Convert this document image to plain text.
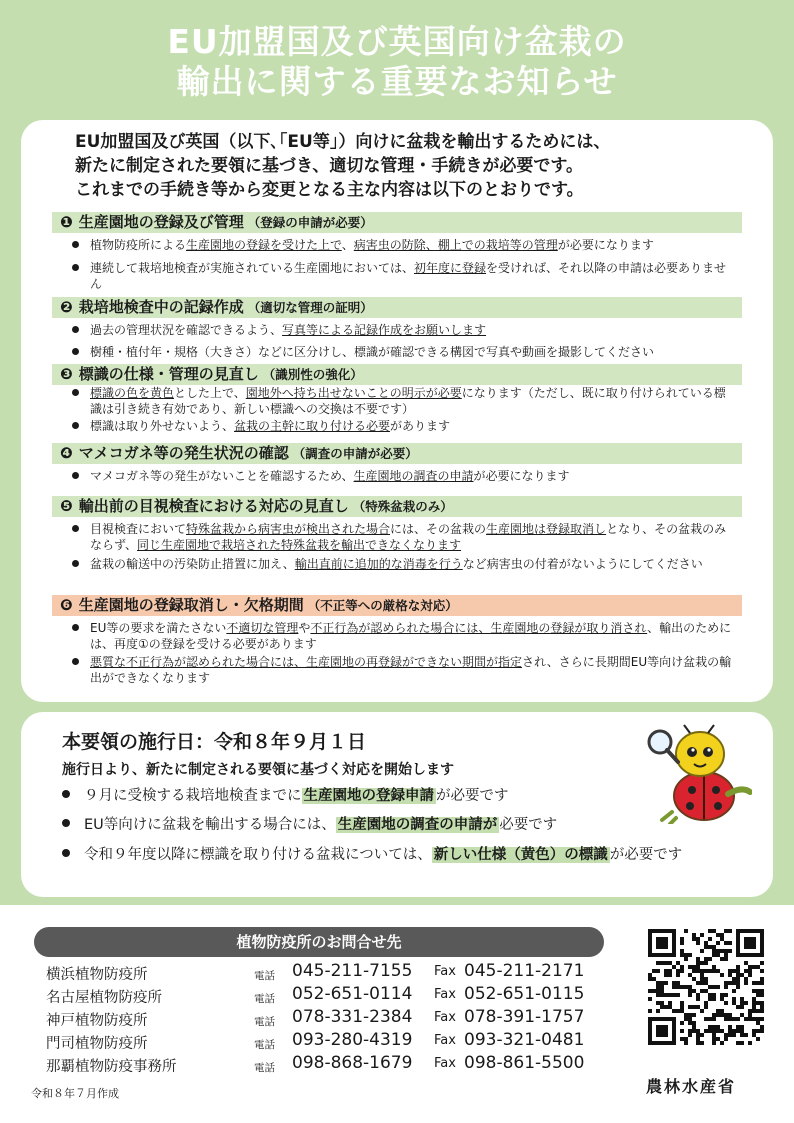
EU加盟国及び英国向け盆栽の
輸出に関する重要なお知らせ
EU加盟国及び英国（以下､｢EU等｣）向けに盆栽を輸出するためには、
新たに制定された要領に基づき、適切な管理・手続きが必要です。
これまでの手続き等から変更となる主な内容は以下のとおりです。
❶ 生産園地の登録及び管理 （登録の申請が必要）
植物防疫所による生産園地の登録を受けた上で、病害虫の防除、棚上での栽培等の管理が必要になります
連続して栽培地検査が実施されている生産園地においては、初年度に登録を受ければ、それ以降の申請は必要ありません
❷ 栽培地検査中の記録作成 （適切な管理の証明）
過去の管理状況を確認できるよう、写真等による記録作成をお願いします
樹種・植付年・規格（大きさ）などに区分けし、標識が確認できる構図で写真や動画を撮影してください
❸ 標識の仕様・管理の見直し （識別性の強化）
標識の色を黄色とした上で、園地外へ持ち出せないことの明示が必要になります（ただし、既に取り付けられている標識は引き続き有効であり、新しい標識への交換は不要です）
標識は取り外せないよう、盆栽の主幹に取り付ける必要があります
❹ マメコガネ等の発生状況の確認 （調査の申請が必要）
マメコガネ等の発生がないことを確認するため、生産園地の調査の申請が必要になります
❺ 輸出前の目視検査における対応の見直し （特殊盆栽のみ）
目視検査において特殊盆栽から病害虫が検出された場合には、その盆栽の生産園地は登録取消しとなり、その盆栽のみならず、同じ生産園地で栽培された特殊盆栽を輸出できなくなります
盆栽の輸送中の汚染防止措置に加え、輸出直前に追加的な消毒を行うなど病害虫の付着がないようにしてください
❻ 生産園地の登録取消し・欠格期間 （不正等への厳格な対応）
EU等の要求を満たさない不適切な管理や不正行為が認められた場合には、生産園地の登録が取り消され、輸出のためには、再度①の登録を受ける必要があります
悪質な不正行為が認められた場合には、生産園地の再登録ができない期間が指定され、さらに長期間EU等向け盆栽の輸出ができなくなります
本要領の施行日：令和８年９月１日
施行日より、新たに制定される要領に基づく対応を開始します
９月に受検する栽培地検査までに 生産園地の登録申請 が必要です
EU等向けに盆栽を輸出する場合には、 生産園地の調査の申請が 必要です
令和９年度以降に標識を取り付ける盆栽については、 新しい仕様（黄色）の標識 が必要です
植物防疫所のお問合せ先
横浜植物防疫所	電話 045-211-7155 Fax 045-211-2171
名古屋植物防疫所	電話 052-651-0114 Fax 052-651-0115
神戸植物防疫所	電話 078-331-2384 Fax 078-391-1757
門司植物防疫所	電話 093-280-4319 Fax 093-321-0481
那覇植物防疫事務所	電話 098-868-1679 Fax 098-861-5500
農林水産省
令和８年７月作成
